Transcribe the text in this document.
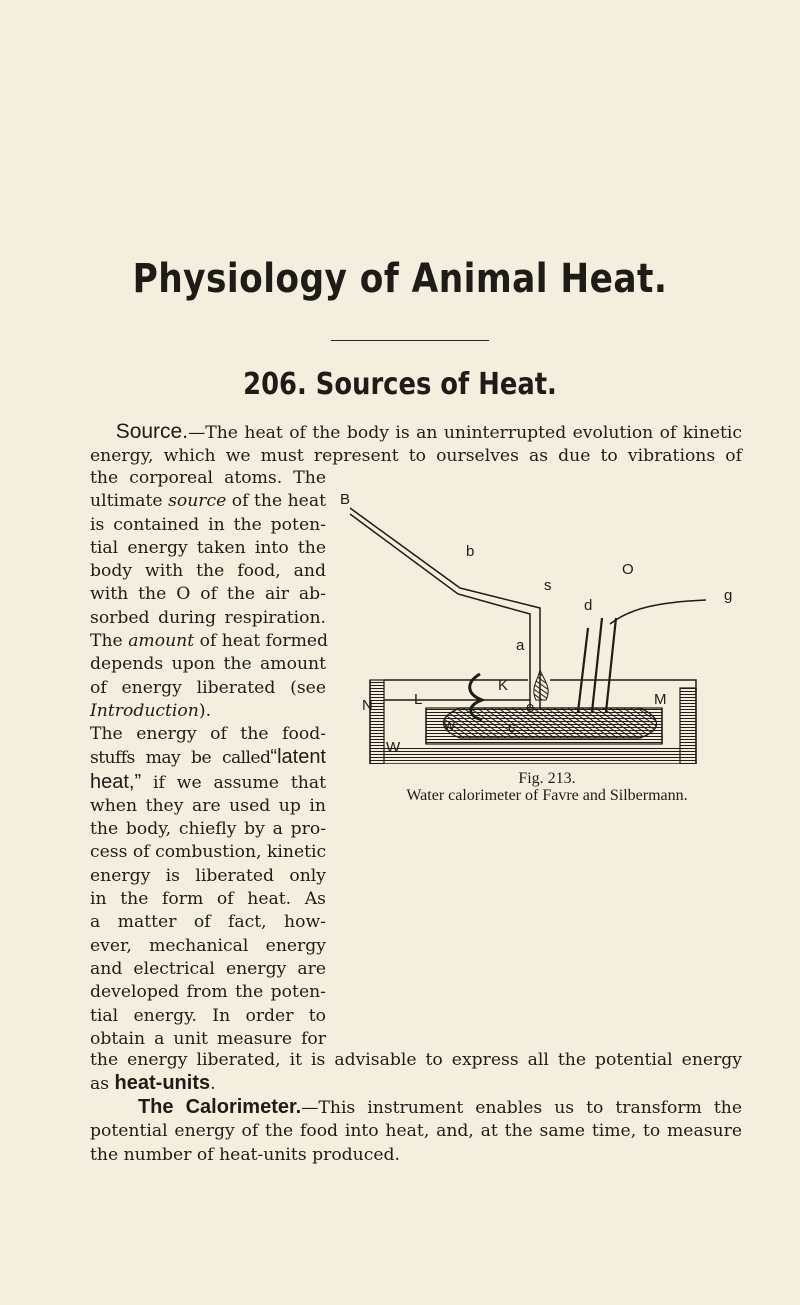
Physiology of Animal Heat.
206. Sources of Heat.

Source.—The heat of the body is an uninterrupted evolution of kinetic
energy, which we must represent to ourselves as due to vibrations of

the corporeal atoms. The
ultimate source of the heat
is contained in the poten-
tial energy taken into the
body with the food, and
with the O of the air ab-
sorbed during respiration.
The amount of heat formed
depends upon the amount
of energy liberated (see
Introduction).

The energy of the food-
stuffs may be called“latent
heat,” if we assume that
when they are used up in
the body, chiefly by a pro-
cess of combustion, kinetic
energy is liberated only
in the form of heat. As
a matter of fact, how-
ever, mechanical energy
and electrical energy are
developed from the poten-
tial energy. In order to
obtain a unit measure for

the energy liberated, it is advisable to express all the potential energy
as heat-units.

The Calorimeter.—This instrument enables us to transform the
potential energy of the food into heat, and, at the same time, to measure
the number of heat-units produced.

B
b
O
g
s
a
d
N	L
K
M
W
c
e
w
Fig. 213.
Water calorimeter of Favre and Silbermann.
